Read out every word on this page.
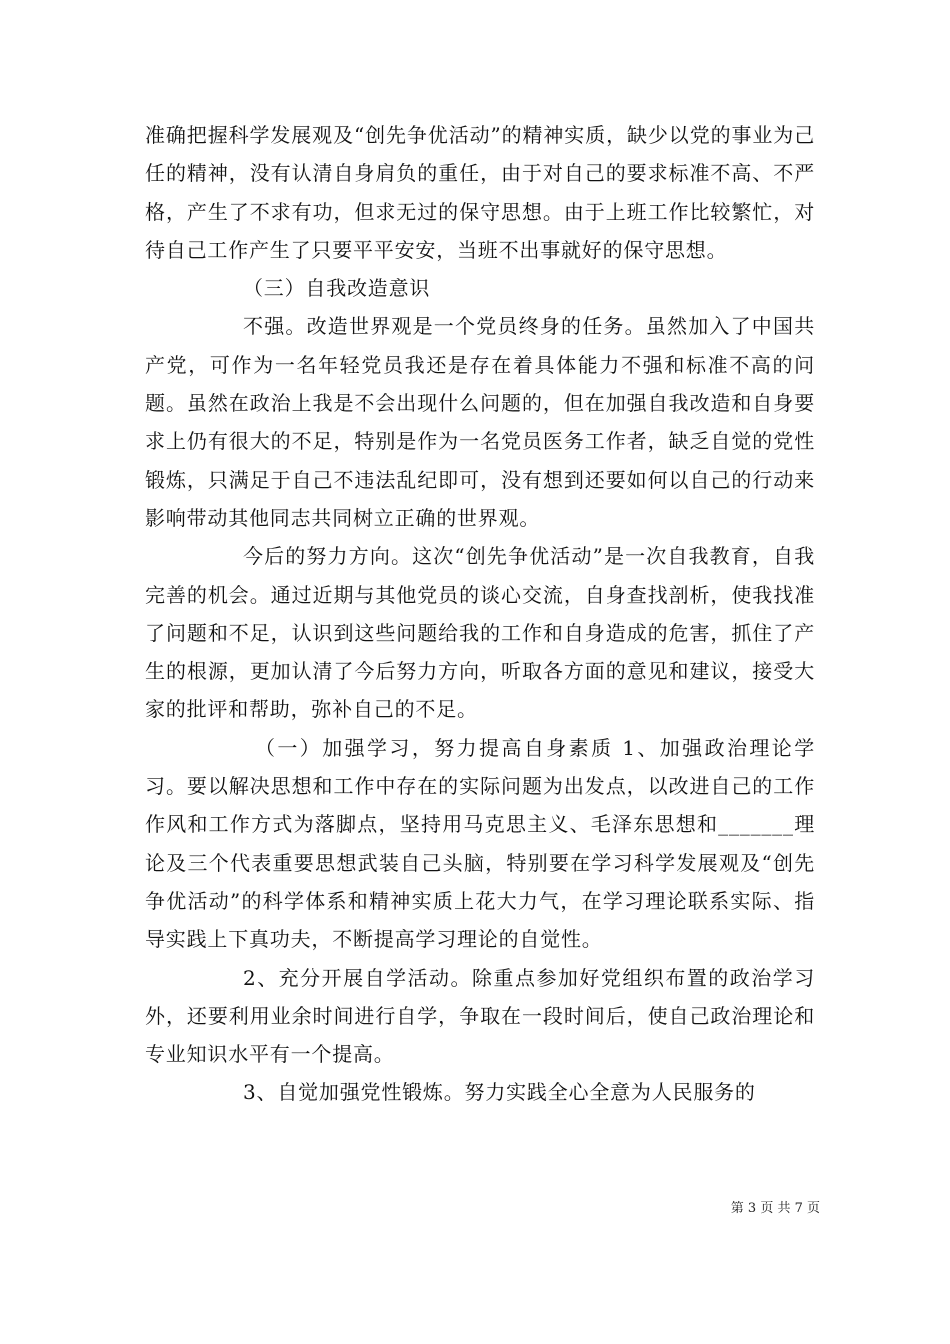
准确把握科学发展观及“创先争优活动”的精神实质，缺少以党的事业为己任的精神，没有认清自身肩负的重任，由于对自己的要求标准不高、不严格，产生了不求有功，但求无过的保守思想。由于上班工作比较繁忙，对待自己工作产生了只要平平安安，当班不出事就好的保守思想。

（三）自我改造意识

不强。改造世界观是一个党员终身的任务。虽然加入了中国共产党，可作为一名年轻党员我还是存在着具体能力不强和标准不高的问题。虽然在政治上我是不会出现什么问题的，但在加强自我改造和自身要求上仍有很大的不足，特别是作为一名党员医务工作者，缺乏自觉的党性锻炼，只满足于自己不违法乱纪即可，没有想到还要如何以自己的行动来影响带动其他同志共同树立正确的世界观。

今后的努力方向。这次“创先争优活动”是一次自我教育，自我完善的机会。通过近期与其他党员的谈心交流，自身查找剖析，使我找准了问题和不足，认识到这些问题给我的工作和自身造成的危害，抓住了产生的根源，更加认清了今后努力方向，听取各方面的意见和建议，接受大家的批评和帮助，弥补自己的不足。

（一）加强学习，努力提高自身素质 1、加强政治理论学习。要以解决思想和工作中存在的实际问题为出发点，以改进自己的工作作风和工作方式为落脚点，坚持用马克思主义、毛泽东思想和_______理论及三个代表重要思想武装自己头脑，特别要在学习科学发展观及“创先争优活动”的科学体系和精神实质上花大力气，在学习理论联系实际、指导实践上下真功夫，不断提高学习理论的自觉性。

2、充分开展自学活动。除重点参加好党组织布置的政治学习外，还要利用业余时间进行自学，争取在一段时间后，使自己政治理论和专业知识水平有一个提高。

3、自觉加强党性锻炼。努力实践全心全意为人民服务的

第 3 页 共 7 页
